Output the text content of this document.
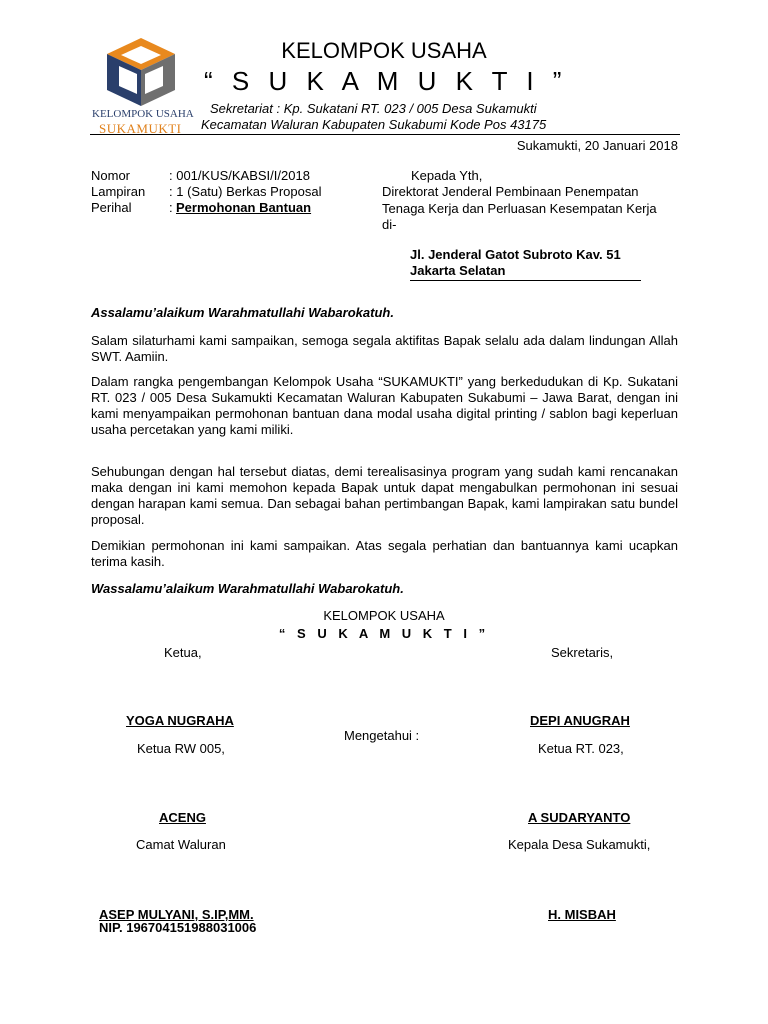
KELOMPOK USAHA
SUKAMUKTI
KELOMPOK USAHA
“ S U K A M U K T I ”
Sekretariat : Kp. Sukatani RT. 023 / 005 Desa Sukamukti
Kecamatan Waluran Kabupaten Sukabumi Kode Pos 43175
Sukamukti, 20 Januari 2018
Nomor	: 001/KUS/KABSI/I/2018
Lampiran : 1 (Satu) Berkas Proposal
Perihal	: Permohonan Bantuan
Kepada Yth,
Direktorat Jenderal Pembinaan Penempatan
Tenaga Kerja dan Perluasan Kesempatan Kerja
di-
Jl. Jenderal Gatot Subroto Kav. 51
Jakarta Selatan
Assalamu’alaikum Warahmatullahi Wabarokatuh.
Salam silaturhami kami sampaikan, semoga segala aktifitas Bapak selalu ada dalam lindungan Allah SWT. Aamiin.
Dalam rangka pengembangan Kelompok Usaha “SUKAMUKTI” yang berkedudukan di Kp. Sukatani RT. 023 / 005 Desa Sukamukti Kecamatan Waluran Kabupaten Sukabumi – Jawa Barat, dengan ini kami menyampaikan permohonan bantuan dana modal usaha digital printing / sablon bagi keperluan usaha percetakan yang kami miliki.
Sehubungan dengan hal tersebut diatas, demi terealisasinya program yang sudah kami rencanakan maka dengan ini kami memohon kepada Bapak untuk dapat mengabulkan permohonan ini sesuai dengan harapan kami semua. Dan sebagai bahan pertimbangan Bapak, kami lampirakan satu bundel proposal.
Demikian permohonan ini kami sampaikan. Atas segala perhatian dan bantuannya kami ucapkan terima kasih.
Wassalamu’alaikum Warahmatullahi Wabarokatuh.
KELOMPOK USAHA
“ S U K A M U K T I ”
Ketua,	Sekretaris,
YOGA NUGRAHA	DEPI ANUGRAH
Mengetahui :
Ketua RW 005,	Ketua RT. 023,
ACENG	A SUDARYANTO
Camat Waluran	Kepala Desa Sukamukti,
ASEP MULYANI, S.IP,MM.
NIP. 196704151988031006
H. MISBAH
